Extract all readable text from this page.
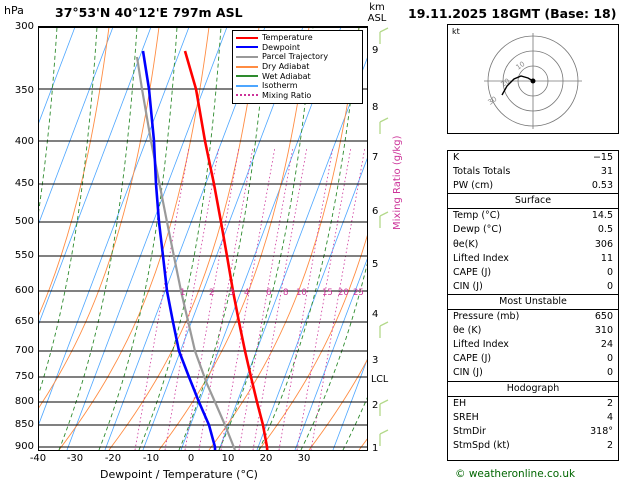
hPa 37°53'N 40°12'E 797m ASL	km
ASL
300
350
400
450
500
550
600
650
700
750
800
850
900
9
8
7
6
5
4
3
2
1
LCL
Mixing Ratio (g/kg)
-40	-30	-20	-10	0	10	20	30
Dewpoint / Temperature (°C)
1	2 3 4 6 8 10 15 20 25
Temperature
Dewpoint
Parcel Trajectory
Dry Adiabat
Wet Adiabat
Isotherm
Mixing Ratio
19.11.2025 18GMT (Base: 18)
kt
10
20
30
K	−15
Totals Totals	31
PW (cm)	0.53
Surface
Temp (°C)	14.5
Dewp (°C)	0.5
θe(K)	306
Lifted Index	11
CAPE (J)	0
CIN (J)	0
Most Unstable
Pressure (mb)	650
θe (K)	310
Lifted Index	24
CAPE (J)	0
CIN (J)	0
Hodograph
EH	2
SREH	4
StmDir	318°
StmSpd (kt)	2
© weatheronline.co.uk
